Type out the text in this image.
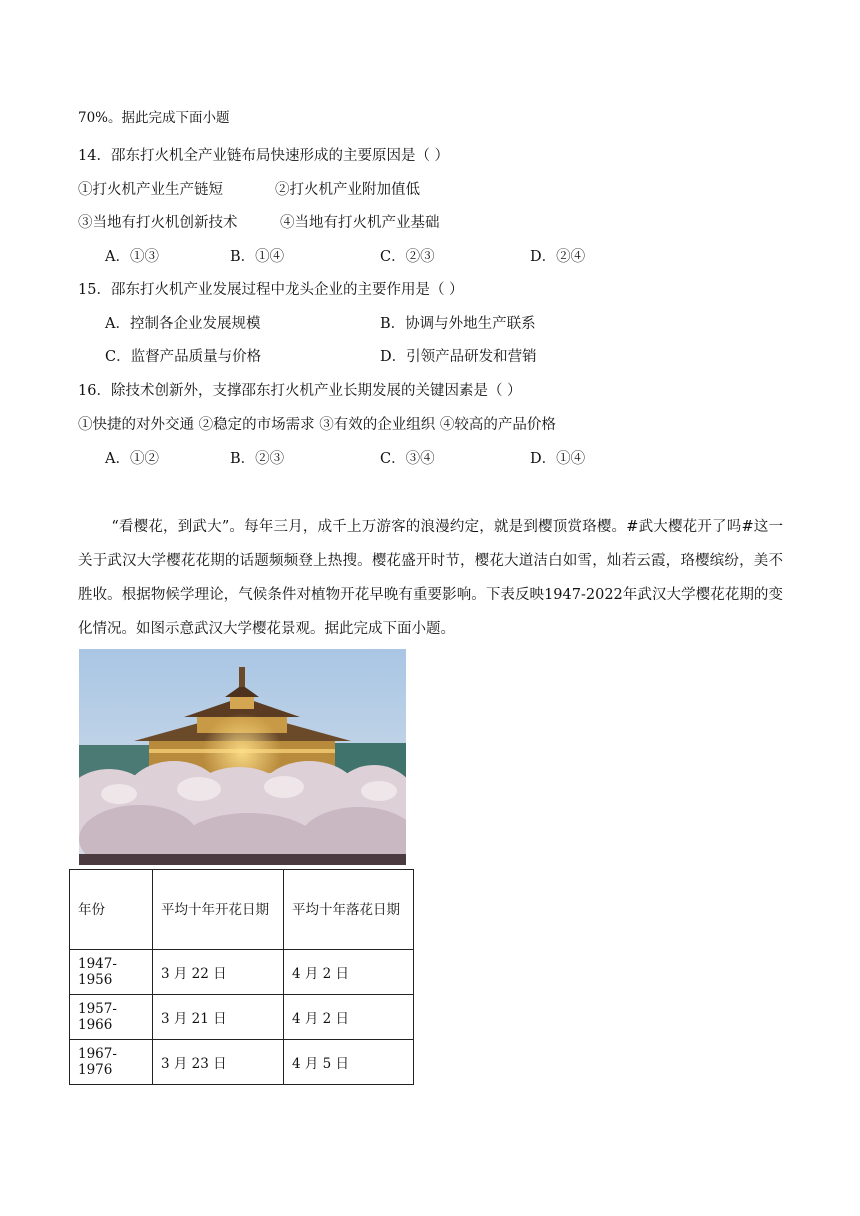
70%。据此完成下面小题
14．邵东打火机全产业链布局快速形成的主要原因是（ ）
①打火机产业生产链短	②打火机产业附加值低
③当地有打火机创新技术	④当地有打火机产业基础
A．①③	B．①④	C．②③	D．②④
15．邵东打火机产业发展过程中龙头企业的主要作用是（ ）
A．控制各企业发展规模	B．协调与外地生产联系
C．监督产品质量与价格	D．引领产品研发和营销
16．除技术创新外，支撑邵东打火机产业长期发展的关键因素是（ ）
①快捷的对外交通 ②稳定的市场需求 ③有效的企业组织 ④较高的产品价格
A．①②	B．②③	C．③④	D．①④
“看樱花，到武大”。每年三月，成千上万游客的浪漫约定，就是到樱顶赏珞樱。#武大樱花开了吗#这一关于武汉大学樱花花期的话题频频登上热搜。樱花盛开时节，樱花大道洁白如雪，灿若云霞，珞樱缤纷，美不胜收。根据物候学理论，气候条件对植物开花早晚有重要影响。下表反映1947-2022年武汉大学樱花花期的变化情况。如图示意武汉大学樱花景观。据此完成下面小题。
年份	平均十年开花日期	平均十年落花日期
1947-1956	3 月 22 日	4 月 2 日
1957-1966	3 月 21 日	4 月 2 日
1967-1976	3 月 23 日	4 月 5 日
